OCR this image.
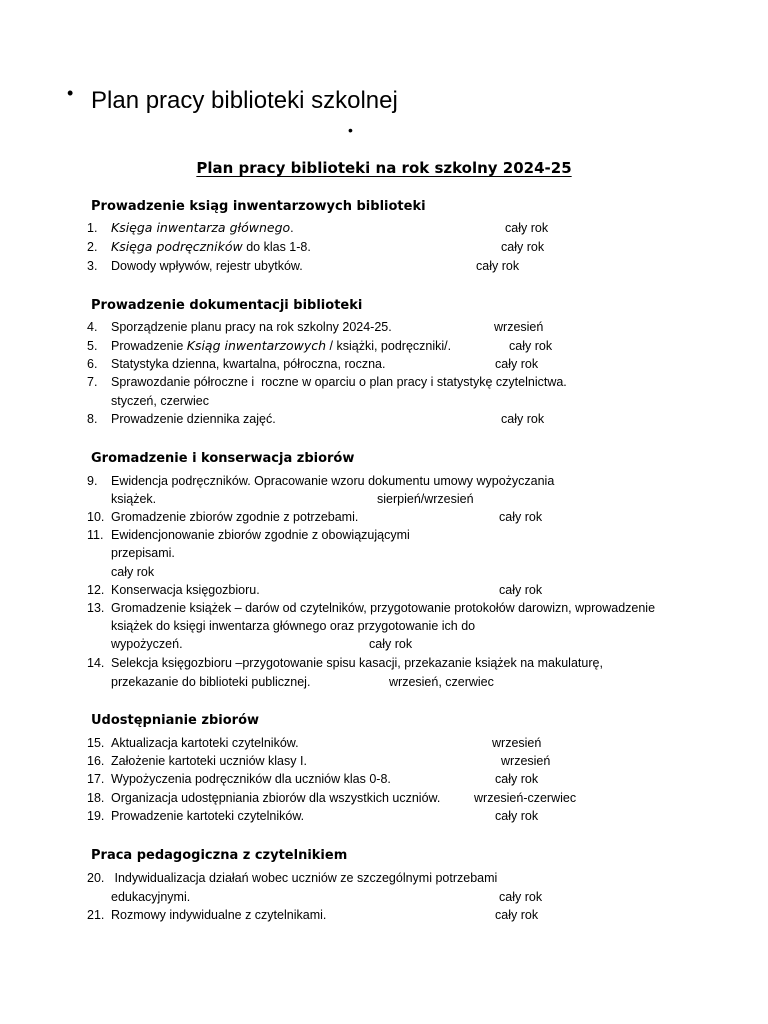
• Plan pracy biblioteki szkolnej
•
Plan pracy biblioteki na rok szkolny 2024-25
Prowadzenie ksiąg inwentarzowych biblioteki
1. Księga inwentarza głównego.	cały rok
2. Księga podręczników do klas 1-8.	cały rok
3. Dowody wpływów, rejestr ubytków.	cały rok
Prowadzenie dokumentacji biblioteki
4. Sporządzenie planu pracy na rok szkolny 2024-25.	wrzesień
5. Prowadzenie Ksiąg inwentarzowych / książki, podręczniki/.	cały rok
6. Statystyka dzienna, kwartalna, półroczna, roczna.	cały rok
7. Sprawozdanie półroczne i  roczne w oparciu o plan pracy i statystykę czytelnictwa.
styczeń, czerwiec
8. Prowadzenie dziennika zajęć.	cały rok
Gromadzenie i konserwacja zbiorów
9. Ewidencja podręczników. Opracowanie wzoru dokumentu umowy wypożyczania
książek.	sierpień/wrzesień
10. Gromadzenie zbiorów zgodnie z potrzebami.	cały rok
11. Ewidencjonowanie zbiorów zgodnie z obowiązującymi
przepisami.
cały rok
12. Konserwacja księgozbioru.	cały rok
13. Gromadzenie książek – darów od czytelników, przygotowanie protokołów darowizn, wprowadzenie
książek do księgi inwentarza głównego oraz przygotowanie ich do
wypożyczeń.	cały rok
14. Selekcja księgozbioru –przygotowanie spisu kasacji, przekazanie książek na makulaturę,
przekazanie do biblioteki publicznej.	wrzesień, czerwiec
Udostępnianie zbiorów
15. Aktualizacja kartoteki czytelników.	wrzesień
16. Założenie kartoteki uczniów klasy I.	wrzesień
17. Wypożyczenia podręczników dla uczniów klas 0-8.	cały rok
18. Organizacja udostępniania zbiorów dla wszystkich uczniów.	wrzesień-czerwiec
19. Prowadzenie kartoteki czytelników.	cały rok
Praca pedagogiczna z czytelnikiem
20. Indywidualizacja działań wobec uczniów ze szczególnymi potrzebami
edukacyjnymi.	cały rok
21. Rozmowy indywidualne z czytelnikami.	cały rok
